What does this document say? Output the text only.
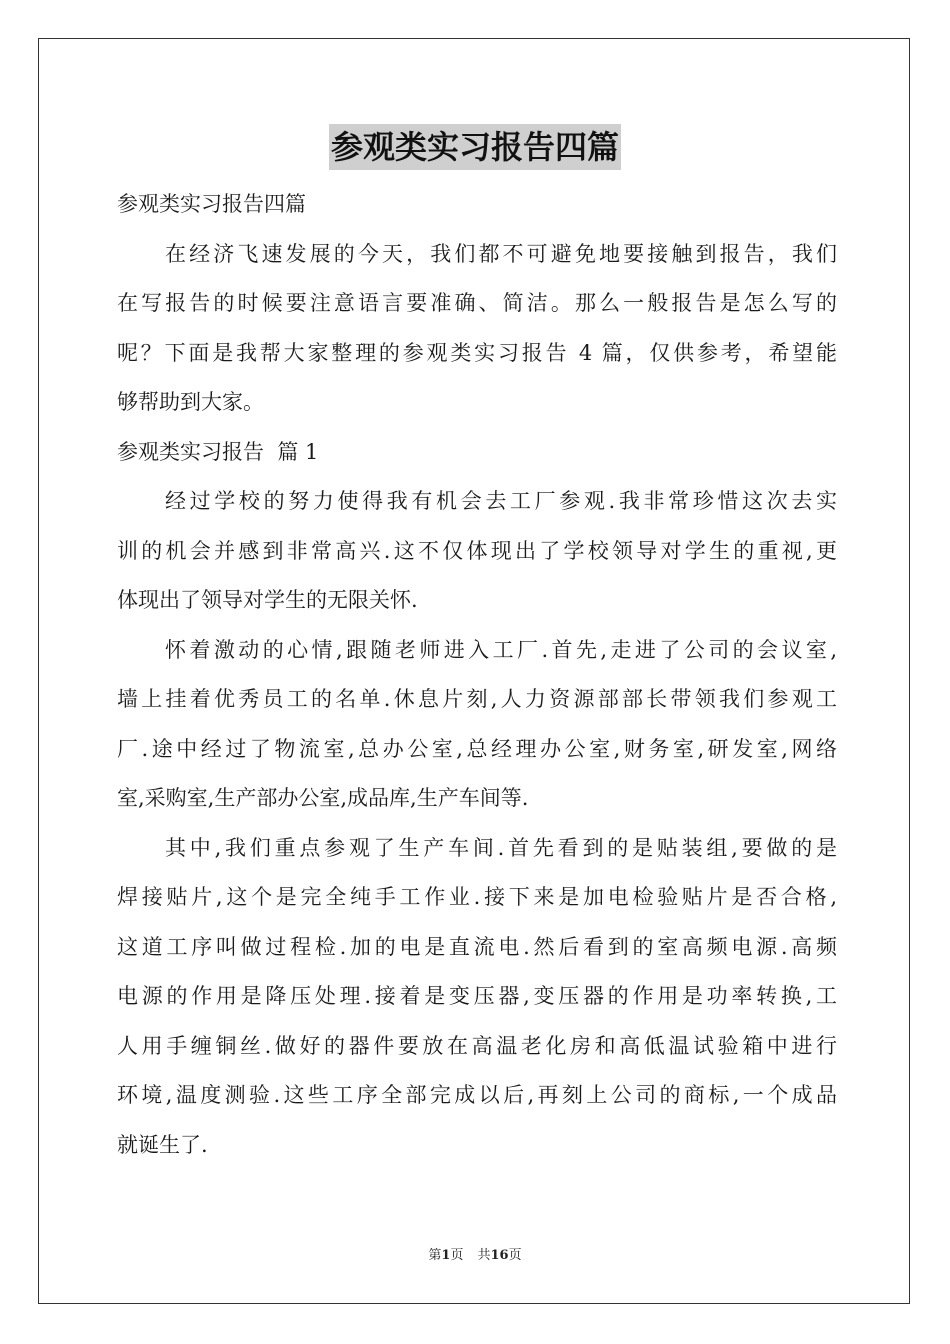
参观类实习报告四篇
参观类实习报告四篇
在经济飞速发展的今天，我们都不可避免地要接触到报告，我们
在写报告的时候要注意语言要准确、简洁。那么一般报告是怎么写的
呢？下面是我帮大家整理的参观类实习报告 4 篇，仅供参考，希望能
够帮助到大家。
参观类实习报告  篇 1
经过学校的努力使得我有机会去工厂参观.我非常珍惜这次去实
训的机会并感到非常高兴.这不仅体现出了学校领导对学生的重视,更
体现出了领导对学生的无限关怀.
怀着激动的心情,跟随老师进入工厂.首先,走进了公司的会议室,
墙上挂着优秀员工的名单.休息片刻,人力资源部部长带领我们参观工
厂.途中经过了物流室,总办公室,总经理办公室,财务室,研发室,网络
室,采购室,生产部办公室,成品库,生产车间等.
其中,我们重点参观了生产车间.首先看到的是贴装组,要做的是
焊接贴片,这个是完全纯手工作业.接下来是加电检验贴片是否合格,
这道工序叫做过程检.加的电是直流电.然后看到的室高频电源.高频
电源的作用是降压处理.接着是变压器,变压器的作用是功率转换,工
人用手缠铜丝.做好的器件要放在高温老化房和高低温试验箱中进行
环境,温度测验.这些工序全部完成以后,再刻上公司的商标,一个成品
就诞生了.
第1页 共16页
